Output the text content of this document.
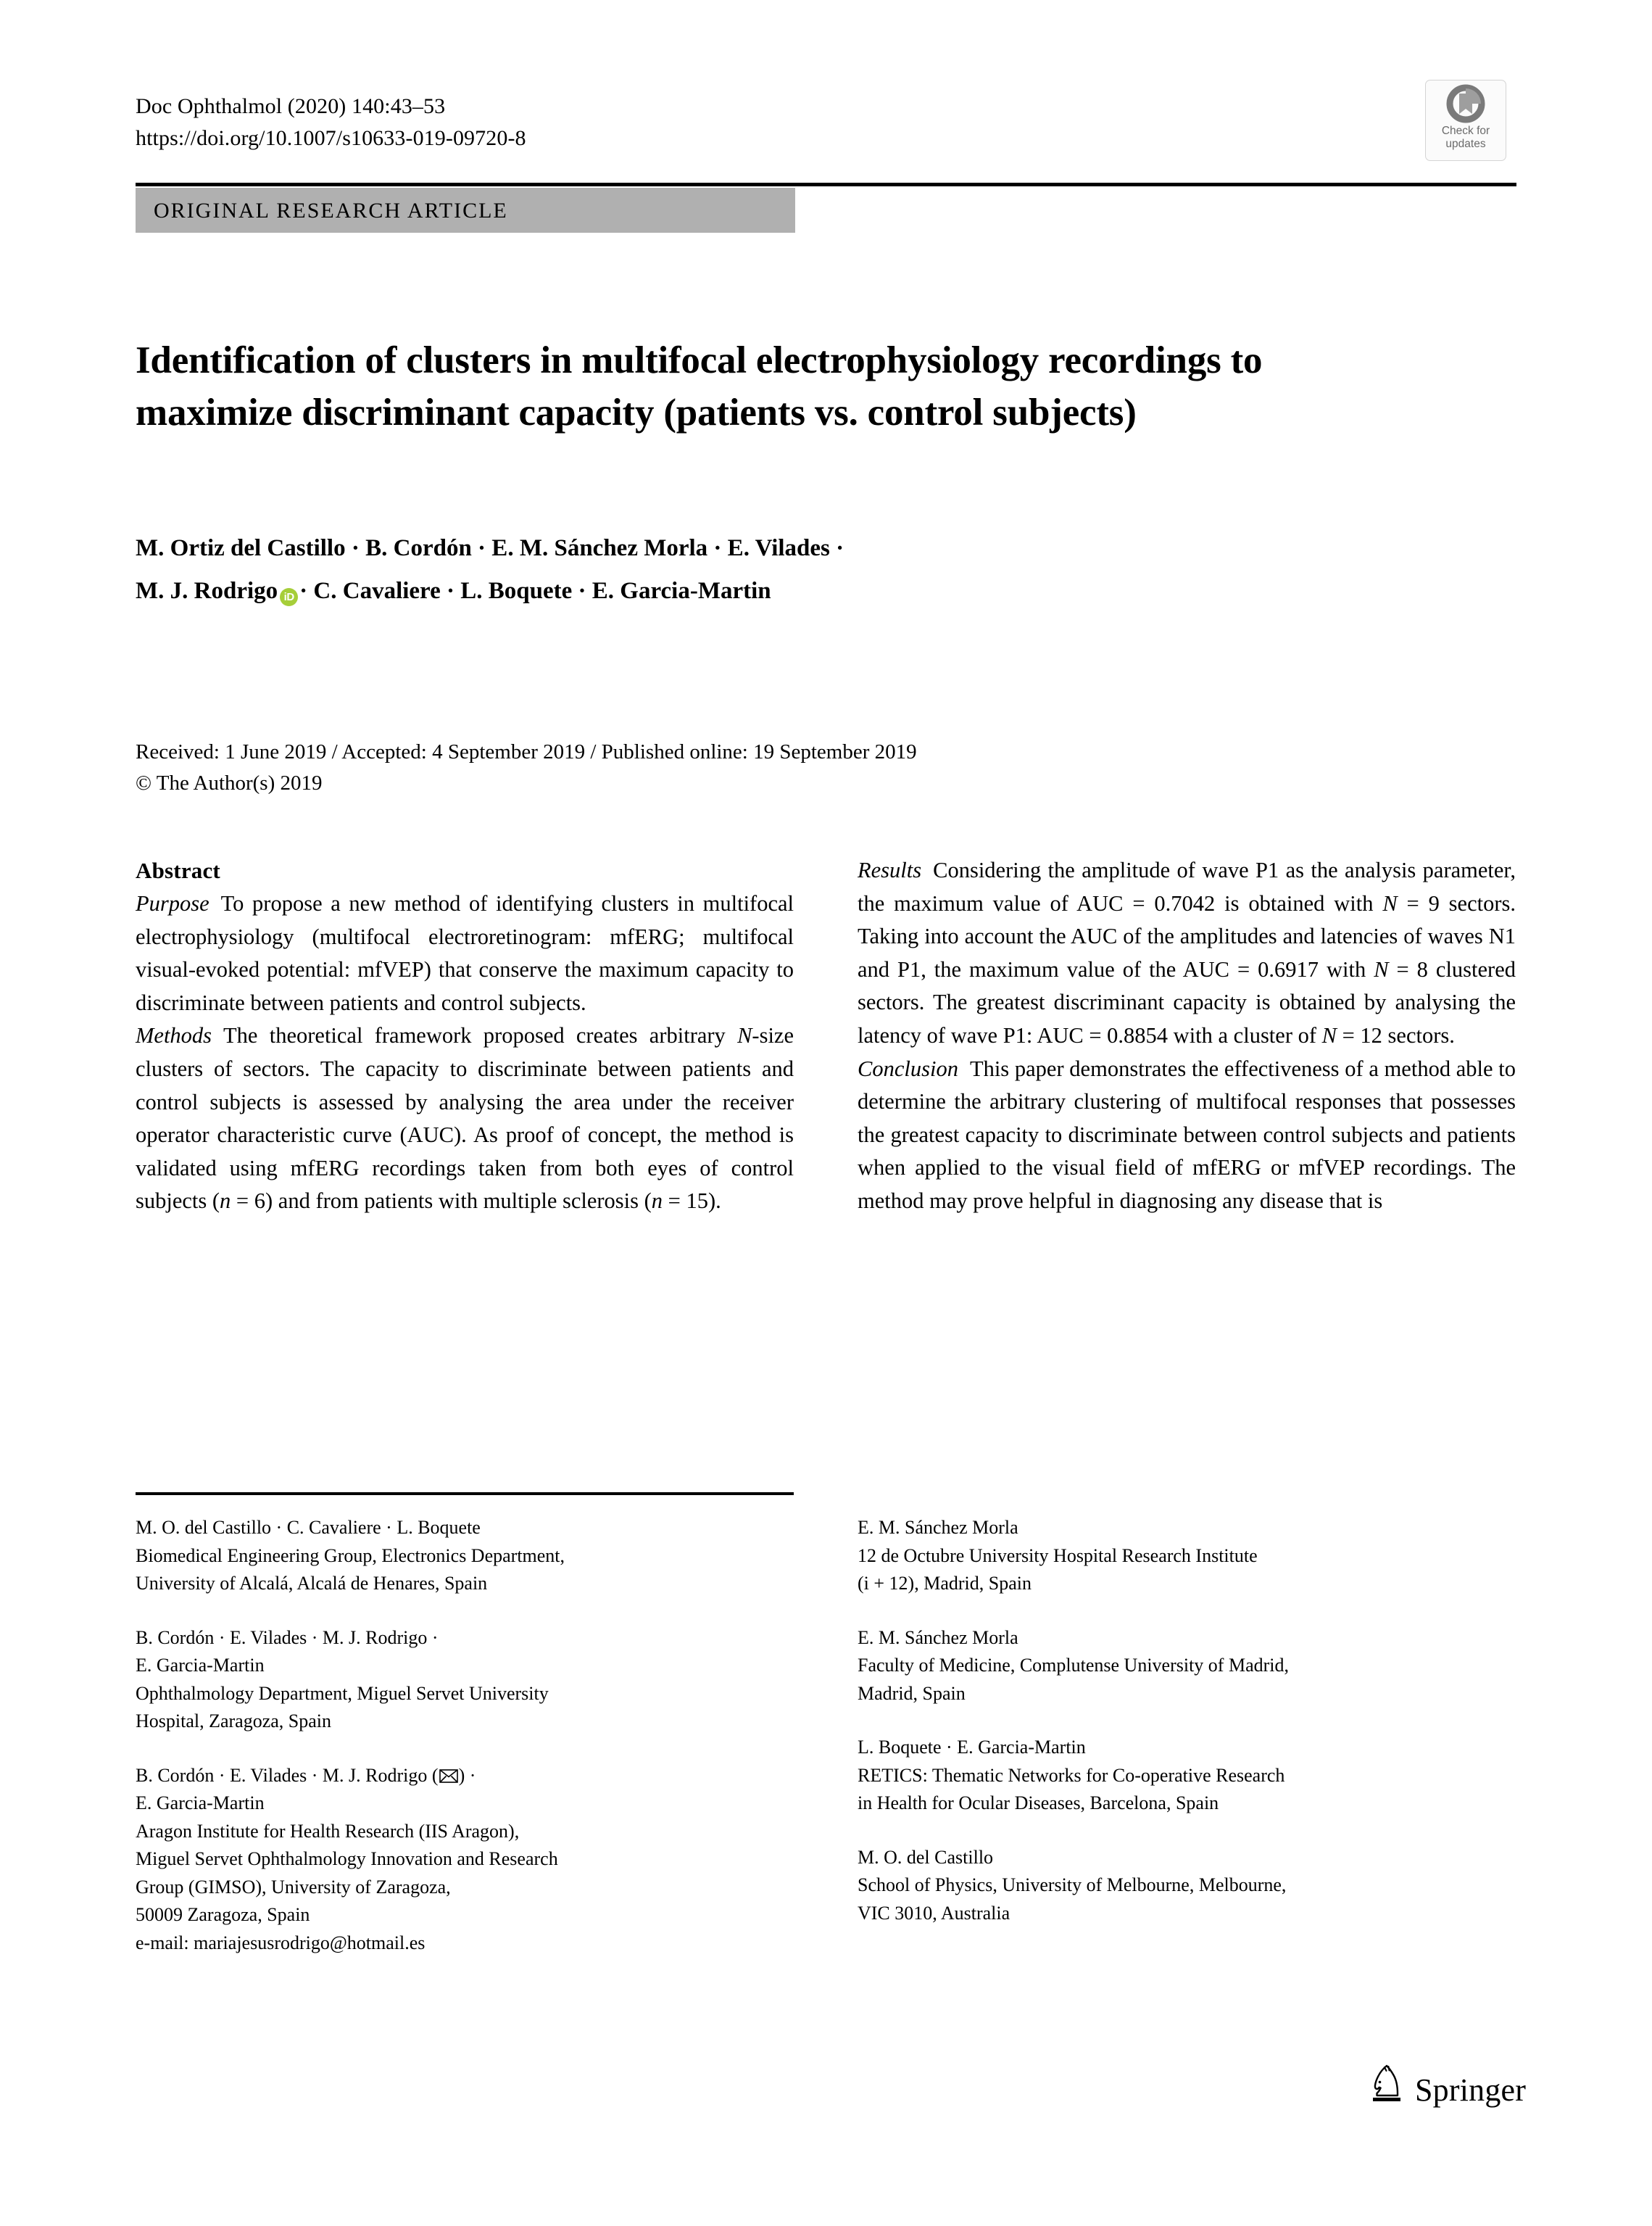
Doc Ophthalmol (2020) 140:43–53
https://doi.org/10.1007/s10633-019-09720-8	Check for
updates
ORIGINAL RESEARCH ARTICLE
Identification of clusters in multifocal electrophysiology recordings to maximize discriminant capacity (patients vs. control subjects)
M. Ortiz del Castillo · B. Cordón · E. M. Sánchez Morla · E. Vilades ·
M. J. Rodrigo iD · C. Cavaliere · L. Boquete · E. Garcia-Martin
Received: 1 June 2019 / Accepted: 4 September 2019 / Published online: 19 September 2019
© The Author(s) 2019
Abstract

Purpose To propose a new method of identifying clusters in multifocal electrophysiology (multifocal electroretinogram: mfERG; multifocal visual-evoked potential: mfVEP) that conserve the maximum capacity to discriminate between patients and control subjects.

Methods The theoretical framework proposed creates arbitrary N-size clusters of sectors. The capacity to discriminate between patients and control subjects is assessed by analysing the area under the receiver operator characteristic curve (AUC). As proof of concept, the method is validated using mfERG recordings taken from both eyes of control subjects (n = 6) and from patients with multiple sclerosis (n = 15).

Results Considering the amplitude of wave P1 as the analysis parameter, the maximum value of AUC = 0.7042 is obtained with N = 9 sectors. Taking into account the AUC of the amplitudes and latencies of waves N1 and P1, the maximum value of the AUC = 0.6917 with N = 8 clustered sectors. The greatest discriminant capacity is obtained by analysing the latency of wave P1: AUC = 0.8854 with a cluster of N = 12 sectors.

Conclusion This paper demonstrates the effectiveness of a method able to determine the arbitrary clustering of multifocal responses that possesses the greatest capacity to discriminate between control subjects and patients when applied to the visual field of mfERG or mfVEP recordings. The method may prove helpful in diagnosing any disease that is

M. O. del Castillo · C. Cavaliere · L. Boquete
Biomedical Engineering Group, Electronics Department,
University of Alcalá, Alcalá de Henares, Spain
B. Cordón · E. Vilades · M. J. Rodrigo ·
E. Garcia-Martin
Ophthalmology Department, Miguel Servet University
Hospital, Zaragoza, Spain
B. Cordón · E. Vilades · M. J. Rodrigo ( ) ·
E. Garcia-Martin
Aragon Institute for Health Research (IIS Aragon),
Miguel Servet Ophthalmology Innovation and Research
Group (GIMSO), University of Zaragoza,
50009 Zaragoza, Spain
e-mail: mariajesusrodrigo@hotmail.es
E. M. Sánchez Morla
12 de Octubre University Hospital Research Institute
(i + 12), Madrid, Spain
E. M. Sánchez Morla
Faculty of Medicine, Complutense University of Madrid,
Madrid, Spain
L. Boquete · E. Garcia-Martin
RETICS: Thematic Networks for Co-operative Research
in Health for Ocular Diseases, Barcelona, Spain
M. O. del Castillo
School of Physics, University of Melbourne, Melbourne,
VIC 3010, Australia
Springer
